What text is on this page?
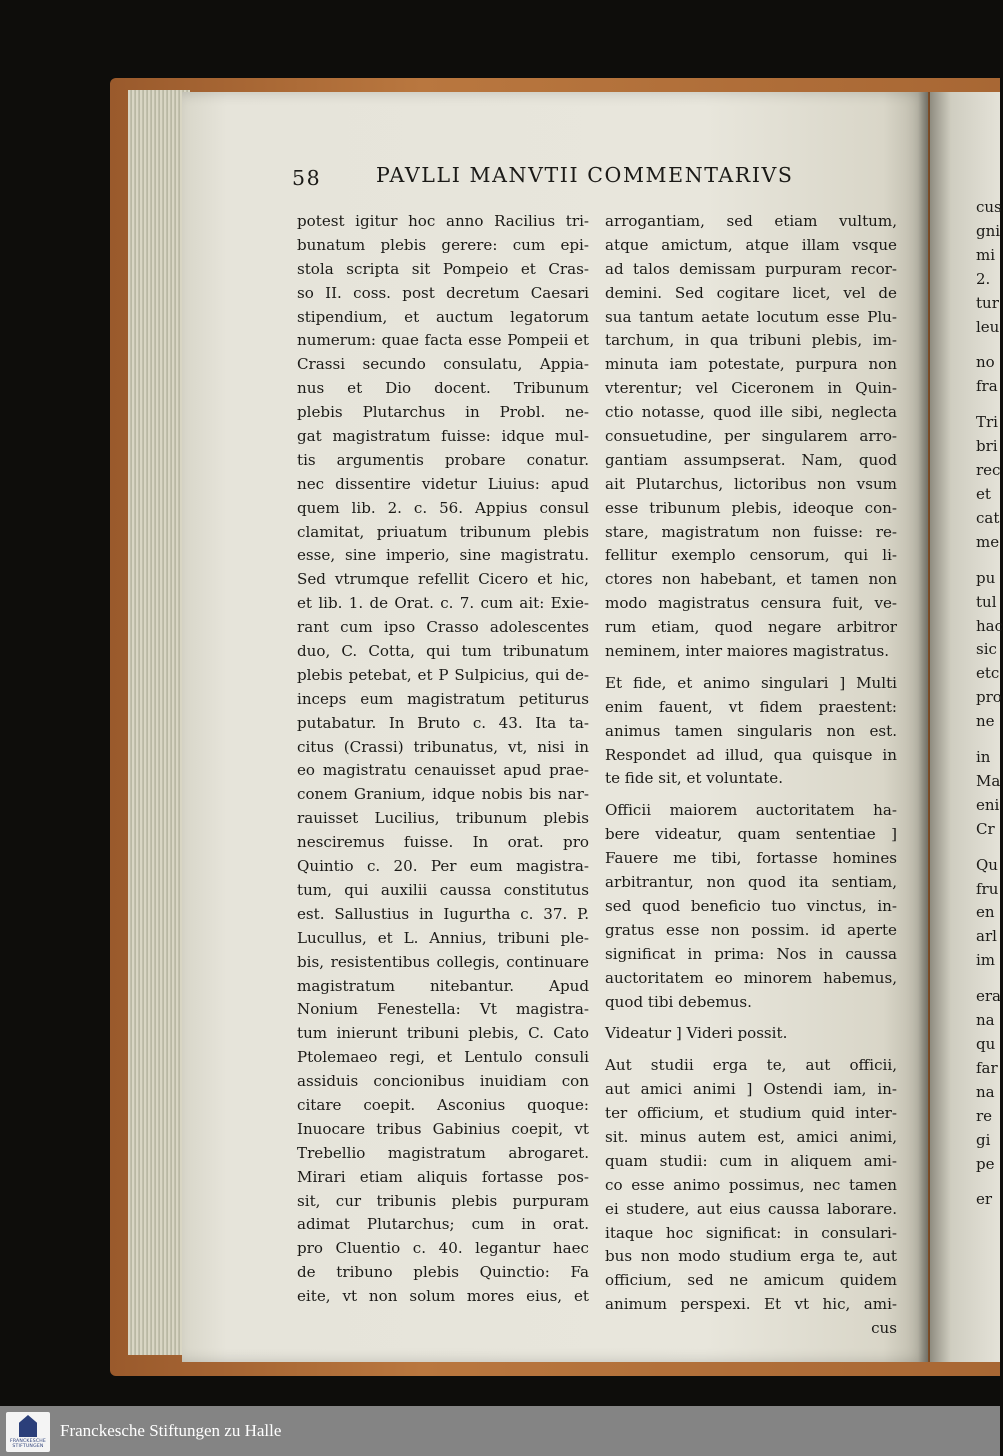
58	PAVLLI MANVTII COMMENTARIVS
potest igitur hoc anno Racilius tri-
bunatum plebis gerere: cum epi-
stola scripta sit Pompeio et Cras-
so II. coss. post decretum Caesari
stipendium, et auctum legatorum
numerum: quae facta esse Pompeii et
Crassi secundo consulatu, Appia-
nus et Dio docent. Tribunum
plebis Plutarchus in Probl. ne-
gat magistratum fuisse: idque mul-
tis argumentis probare conatur.
nec dissentire videtur Liuius: apud
quem lib. 2. c. 56. Appius consul
clamitat, priuatum tribunum plebis
esse, sine imperio, sine magistratu.
Sed vtrumque refellit Cicero et hic,
et lib. 1. de Orat. c. 7. cum ait: Exie-
rant cum ipso Crasso adolescentes
duo, C. Cotta, qui tum tribunatum
plebis petebat, et P Sulpicius, qui de-
inceps eum magistratum petiturus
putabatur. In Bruto c. 43. Ita ta-
citus (Crassi) tribunatus, vt, nisi in
eo magistratu cenauisset apud prae-
conem Granium, idque nobis bis nar-
rauisset Lucilius, tribunum plebis
nesciremus fuisse. In orat. pro
Quintio c. 20. Per eum magistra-
tum, qui auxilii caussa constitutus
est. Sallustius in Iugurtha c. 37. P.
Lucullus, et L. Annius, tribuni ple-
bis, resistentibus collegis, continuare
magistratum nitebantur. Apud
Nonium Fenestella: Vt magistra-
tum inierunt tribuni plebis, C. Cato
Ptolemaeo regi, et Lentulo consuli
assiduis concionibus inuidiam con
citare coepit. Asconius quoque:
Inuocare tribus Gabinius coepit, vt
Trebellio magistratum abrogaret.
Mirari etiam aliquis fortasse pos-
sit, cur tribunis plebis purpuram
adimat Plutarchus; cum in orat.
pro Cluentio c. 40. legantur haec
de tribuno plebis Quinctio: Fa
eite, vt non solum mores eius, et
arrogantiam, sed etiam vultum,
atque amictum, atque illam vsque
ad talos demissam purpuram recor-
demini. Sed cogitare licet, vel de
sua tantum aetate locutum esse Plu-
tarchum, in qua tribuni plebis, im-
minuta iam potestate, purpura non
vterentur; vel Ciceronem in Quin-
ctio notasse, quod ille sibi, neglecta
consuetudine, per singularem arro-
gantiam assumpserat. Nam, quod
ait Plutarchus, lictoribus non vsum
esse tribunum plebis, ideoque con-
stare, magistratum non fuisse: re-
fellitur exemplo censorum, qui li-
ctores non habebant, et tamen non
modo magistratus censura fuit, ve-
rum etiam, quod negare arbitror
neminem, inter maiores magistratus.
Et fide, et animo singulari ] Multi
enim fauent, vt fidem praestent:
animus tamen singularis non est.
Respondet ad illud, qua quisque in
te fide sit, et voluntate.
Officii maiorem auctoritatem ha-
bere videatur, quam sententiae ]
Fauere me tibi, fortasse homines
arbitrantur, non quod ita sentiam,
sed quod beneficio tuo vinctus, in-
gratus esse non possim. id aperte
significat in prima: Nos in caussa
auctoritatem eo minorem habemus,
quod tibi debemus.
Videatur ] Videri possit.
Aut studii erga te, aut officii,
aut amici animi ] Ostendi iam, in-
ter officium, et studium quid inter-
sit. minus autem est, amici animi,
quam studii: cum in aliquem ami-
co esse animo possimus, nec tamen
ei studere, aut eius caussa laborare.
itaque hoc significat: in consulari-
bus non modo studium erga te, aut
officium, sed ne amicum quidem
animum perspexi. Et vt hic, ami-
cus
cus
gni
mi
2.
tur
leu
no
fra
Tri
bri
rec
et
cat
me
pu
tul
hac
sic
etc
pro
ne
in
Ma
eni
Cr
Qu
fru
en
arl
im
era
na
qu
far
na
re
gi
pe
er
FRANCKESCHE
STIFTUNGEN
Franckesche Stiftungen zu Halle
